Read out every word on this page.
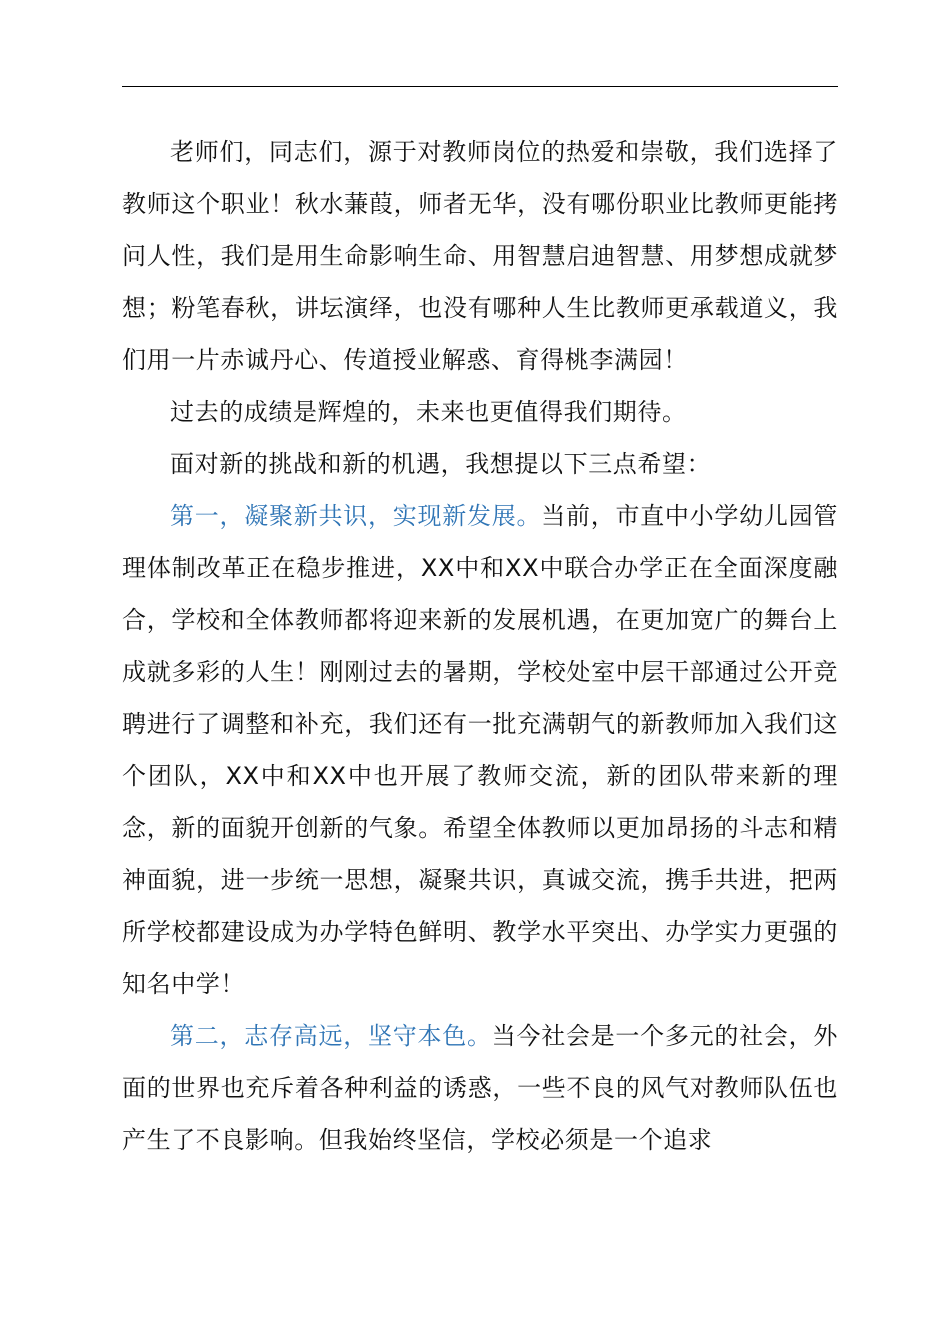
老师们，同志们，源于对教师岗位的热爱和崇敬，我们选择了教师这个职业！秋水蒹葭，师者无华，没有哪份职业比教师更能拷问人性，我们是用生命影响生命、用智慧启迪智慧、用梦想成就梦想；粉笔春秋，讲坛演绎，也没有哪种人生比教师更承载道义，我们用一片赤诚丹心、传道授业解惑、育得桃李满园！

过去的成绩是辉煌的，未来也更值得我们期待。

面对新的挑战和新的机遇，我想提以下三点希望：

第一，凝聚新共识，实现新发展。当前，市直中小学幼儿园管理体制改革正在稳步推进，XX中和XX中联合办学正在全面深度融合，学校和全体教师都将迎来新的发展机遇，在更加宽广的舞台上成就多彩的人生！刚刚过去的暑期，学校处室中层干部通过公开竞聘进行了调整和补充，我们还有一批充满朝气的新教师加入我们这个团队，XX中和XX中也开展了教师交流，新的团队带来新的理念，新的面貌开创新的气象。希望全体教师以更加昂扬的斗志和精神面貌，进一步统一思想，凝聚共识，真诚交流，携手共进，把两所学校都建设成为办学特色鲜明、教学水平突出、办学实力更强的知名中学！

第二，志存高远，坚守本色。当今社会是一个多元的社会，外面的世界也充斥着各种利益的诱惑，一些不良的风气对教师队伍也产生了不良影响。但我始终坚信，学校必须是一个追求
